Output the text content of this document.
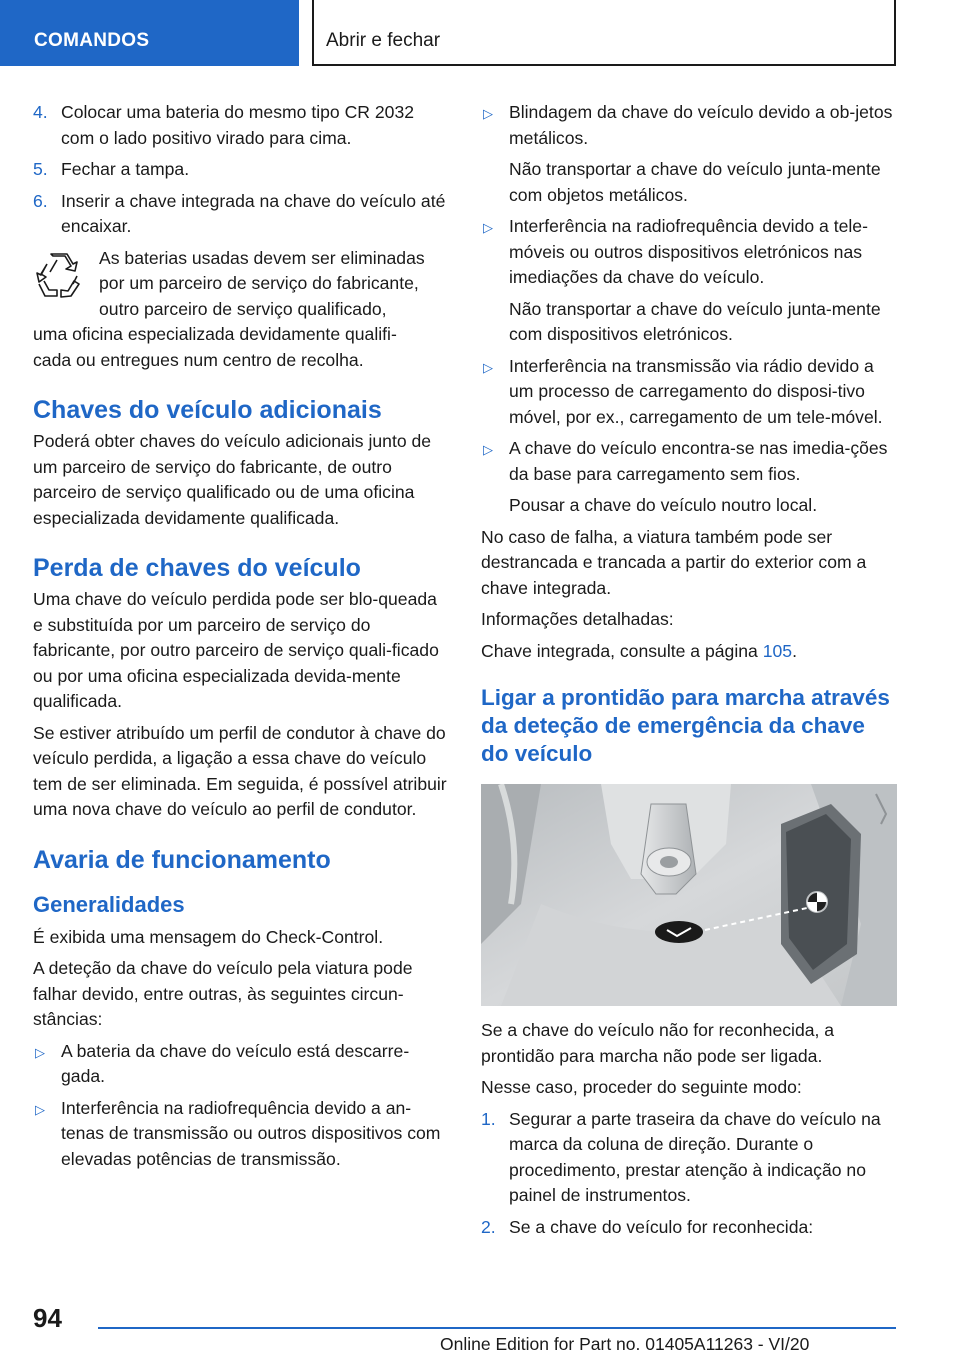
COMANDOS	Abrir e fechar
4. Colocar uma bateria do mesmo tipo CR 2032 com o lado positivo virado para cima.
5. Fechar a tampa.
6. Inserir a chave integrada na chave do veículo até encaixar.
As baterias usadas devem ser eliminadas
por um parceiro de serviço do fabricante,
outro parceiro de serviço qualificado,
uma oficina especializada devidamente qualifi-
cada ou entregues num centro de recolha.
Chaves do veículo adicionais

Poderá obter chaves do veículo adicionais junto de um parceiro de serviço do fabricante, de outro parceiro de serviço qualificado ou de uma oficina especializada devidamente qualificada.

Perda de chaves do veículo

Uma chave do veículo perdida pode ser blo-queada e substituída por um parceiro de serviço do fabricante, por outro parceiro de serviço quali-ficado ou por uma oficina especializada devida-mente qualificada.

Se estiver atribuído um perfil de condutor à chave do veículo perdida, a ligação a essa chave do veículo tem de ser eliminada. Em seguida, é possível atribuir uma nova chave do veículo ao perfil de condutor.

Avaria de funcionamento
Generalidades

É exibida uma mensagem do Check-Control.

A deteção da chave do veículo pela viatura pode falhar devido, entre outras, às seguintes circun-stâncias:

▷ A bateria da chave do veículo está descarre-gada.
▷ Interferência na radiofrequência devido a an-tenas de transmissão ou outros dispositivos com elevadas potências de transmissão.
▷ Blindagem da chave do veículo devido a ob-jetos metálicos.
Não transportar a chave do veículo junta-mente com objetos metálicos.
▷ Interferência na radiofrequência devido a tele-móveis ou outros dispositivos eletrónicos nas imediações da chave do veículo.
Não transportar a chave do veículo junta-mente com dispositivos eletrónicos.
▷ Interferência na transmissão via rádio devido a um processo de carregamento do disposi-tivo móvel, por ex., carregamento de um tele-móvel.
▷ A chave do veículo encontra-se nas imedia-ções da base para carregamento sem fios.
Pousar a chave do veículo noutro local.

No caso de falha, a viatura também pode ser destrancada e trancada a partir do exterior com a chave integrada.

Informações detalhadas:

Chave integrada, consulte a página 105.

Ligar a prontidão para marcha através da deteção de emergência da chave do veículo

Se a chave do veículo não for reconhecida, a prontidão para marcha não pode ser ligada.

Nesse caso, proceder do seguinte modo:

1. Segurar a parte traseira da chave do veículo na marca da coluna de direção. Durante o procedimento, prestar atenção à indicação no painel de instrumentos.
2. Se a chave do veículo for reconhecida:
94
Online Edition for Part no. 01405A11263 - VI/20
